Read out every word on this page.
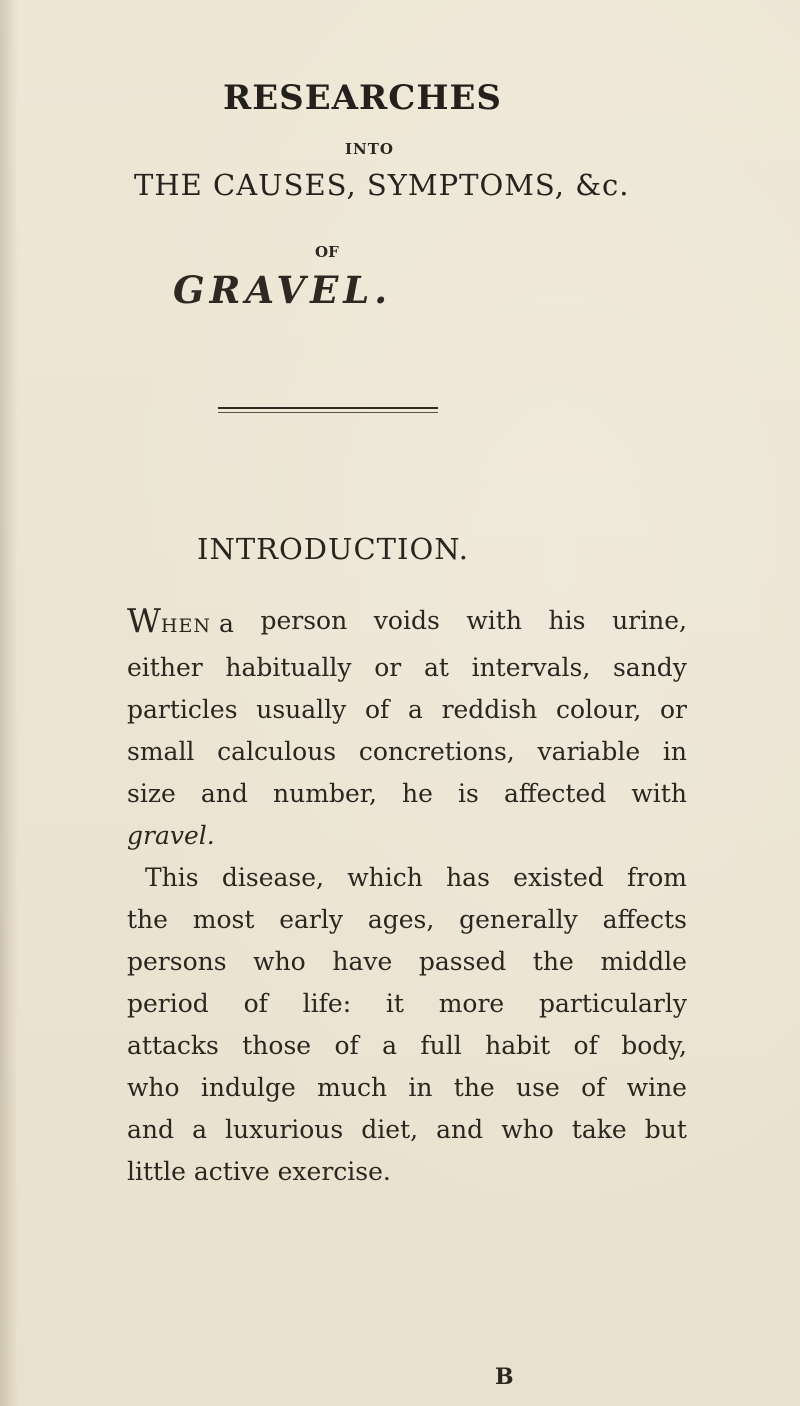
RESEARCHES
INTO
THE CAUSES, SYMPTOMS, &c.
OF
GRAVEL.
INTRODUCTION.
WHEN a person voids with his urine,
either habitually or at intervals, sandy
particles usually of a reddish colour, or
small calculous concretions, variable in
size and number, he is affected with
gravel.
This disease, which has existed from
the most early ages, generally affects
persons who have passed the middle
period of life: it more particularly
attacks those of a full habit of body,
who indulge much in the use of wine
and a luxurious diet, and who take but
little active exercise.
B
